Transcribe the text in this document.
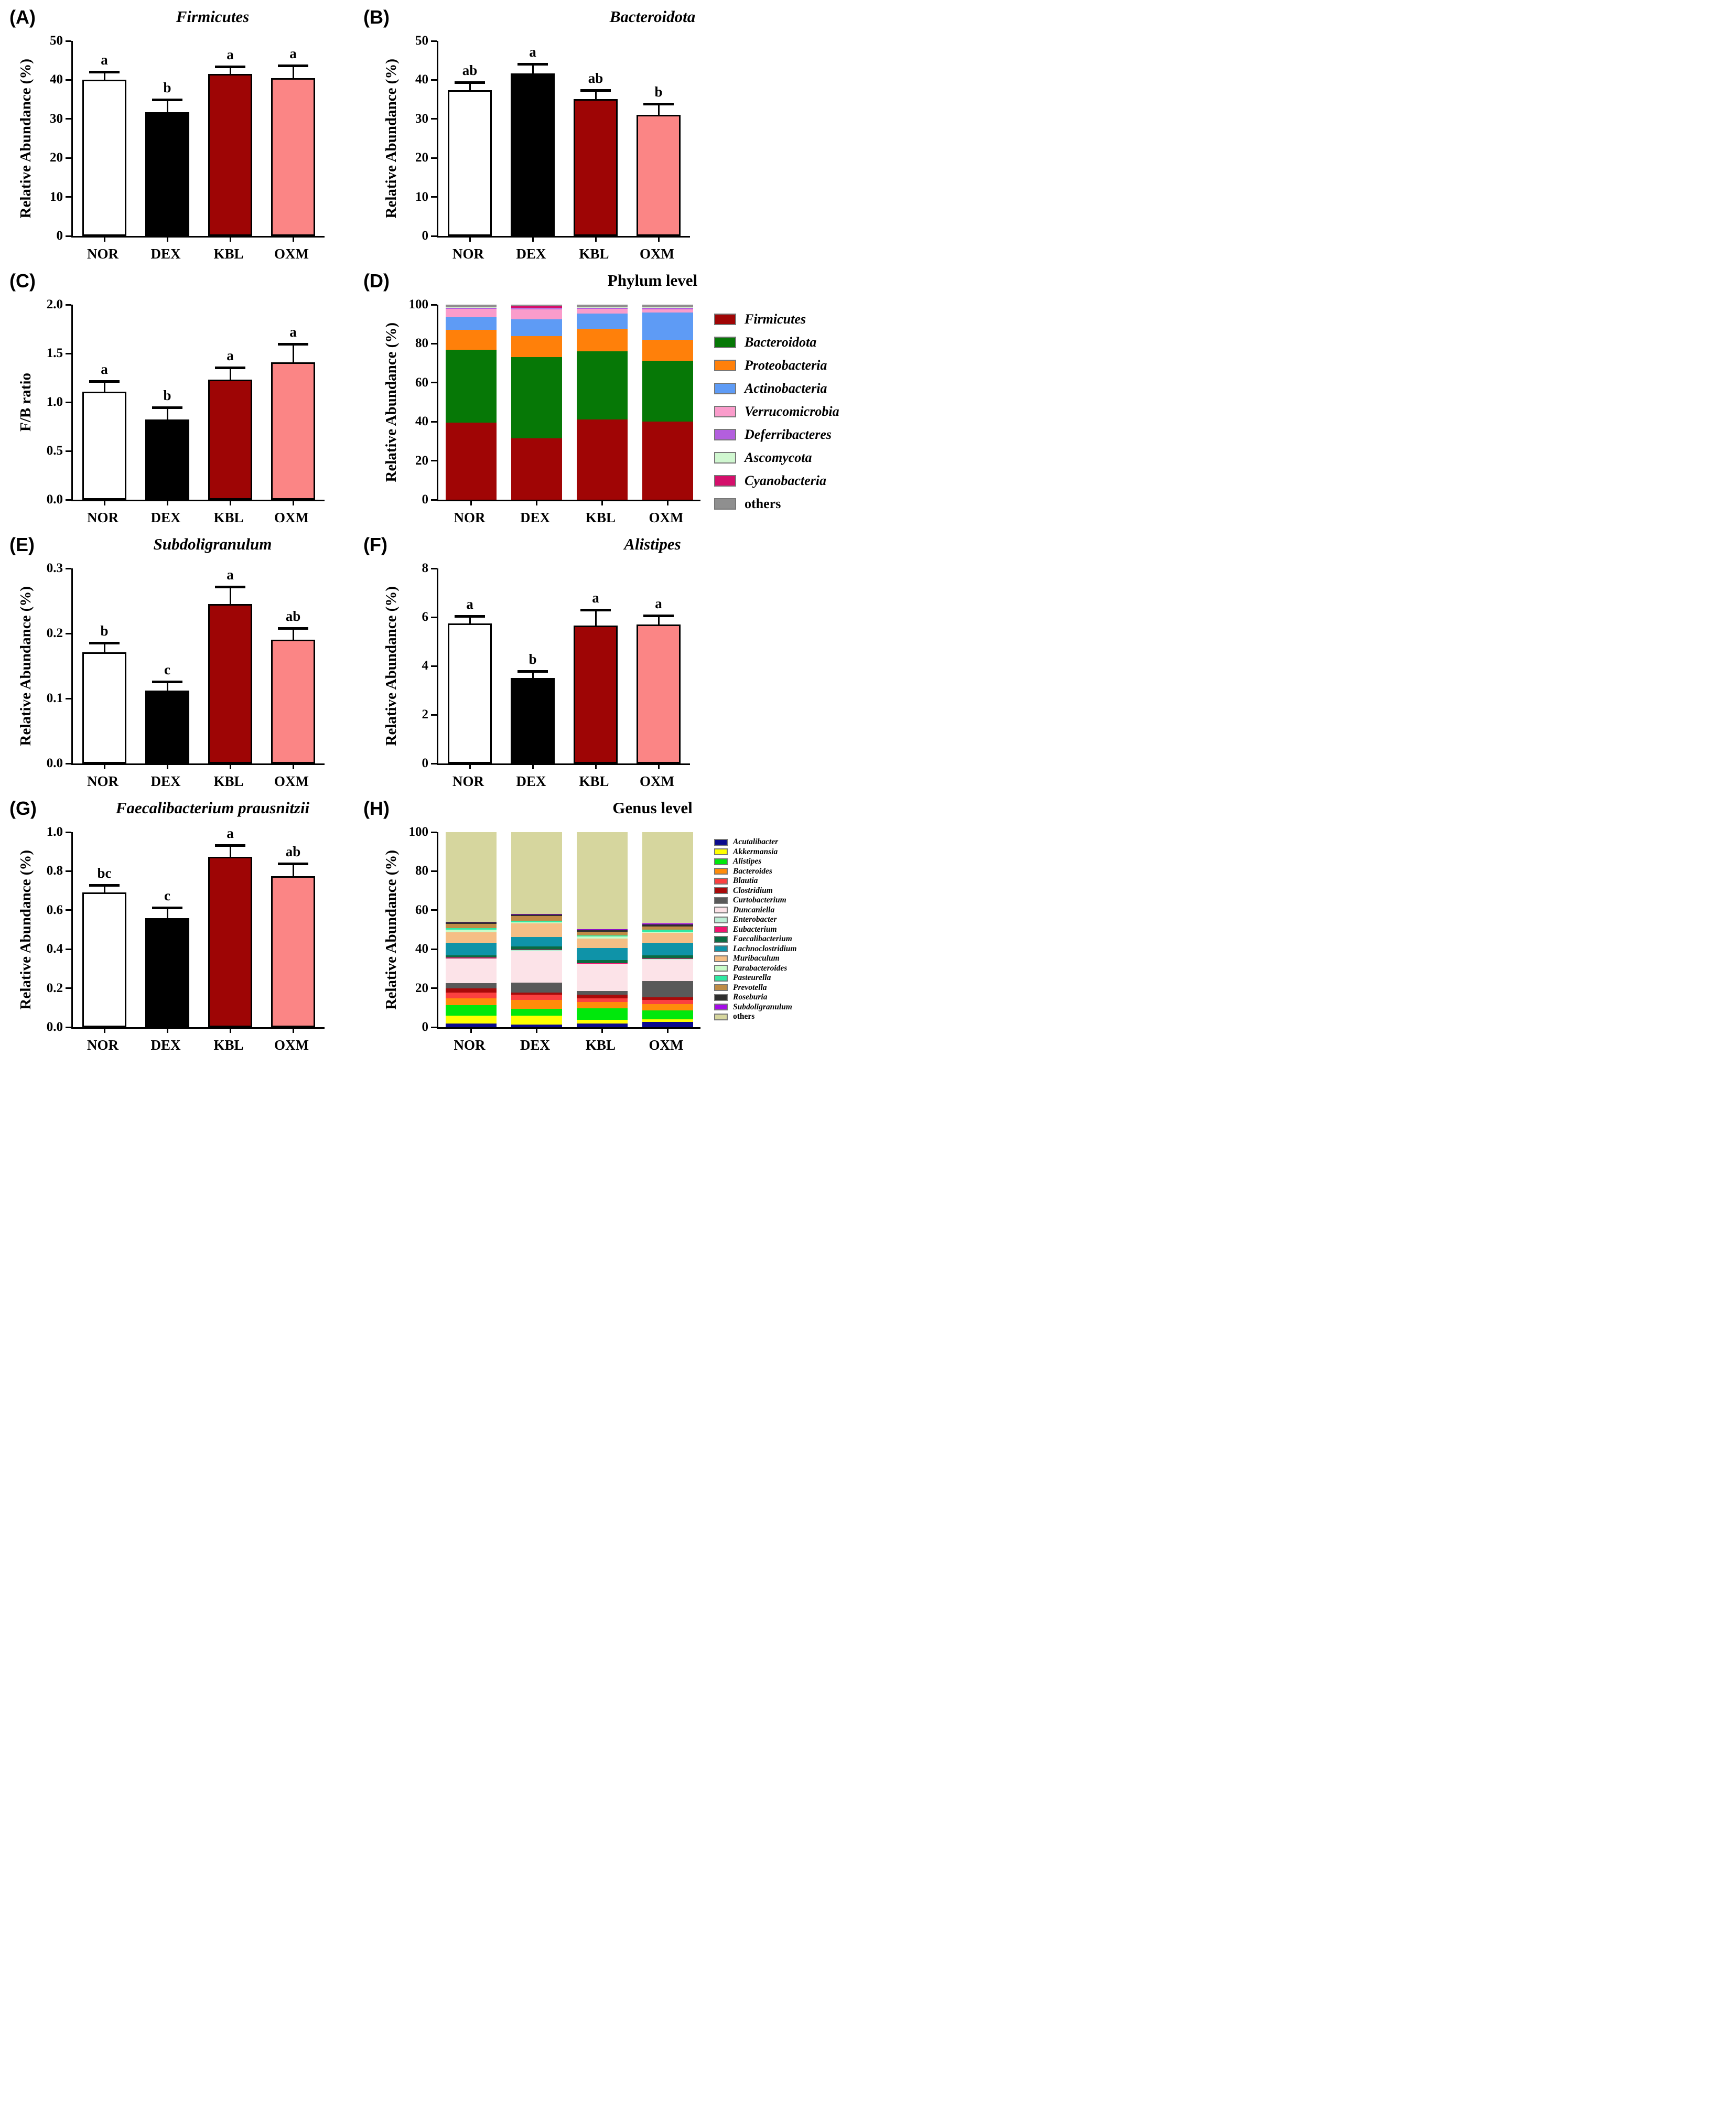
(A)	Firmicutes
Relative Abundance (%)
0
10
20
30
40
50
a
b
a	a
NOR	DEX	KBL	OXM
(B)	Bacteroidota
Relative Abundance (%)
0
10
20
30
40
50
ab
a
ab
b
NOR	DEX	KBL	OXM
(C)
F/B ratio
0.0
0.5
1.0
1.5
2.0
a
b
a
a
NOR	DEX	KBL	OXM
(D)	Phylum level
Relative Abundance (%)
0
20
40
60
80
100
NOR	DEX	KBL	OXM
Firmicutes
Bacteroidota
Proteobacteria
Actinobacteria
Verrucomicrobia
Deferribacteres
Ascomycota
Cyanobacteria
others
(E)	Subdoligranulum
Relative Abundance (%)
0.0
0.1
0.2
0.3
b
c
a
ab
NOR	DEX	KBL	OXM
(F)	Alistipes
Relative Abundance (%)
0
2
4
6
8
a
b
a	a
NOR	DEX	KBL	OXM
(G)	Faecalibacterium prausnitzii
Relative Abundance (%)
0.0
0.2
0.4
0.6
0.8
1.0
bc
c
a
ab
NOR	DEX	KBL	OXM
(H)	Genus level
Relative Abundance (%)
0
20
40
60
80
100
NOR	DEX	KBL	OXM
Acutalibacter
Akkermansia
Alistipes
Bacteroides
Blautia
Clostridium
Curtobacterium
Duncaniella
Enterobacter
Eubacterium
Faecalibacterium
Lachnoclostridium
Muribaculum
Parabacteroides
Pasteurella
Prevotella
Roseburia
Subdoligranulum
others
